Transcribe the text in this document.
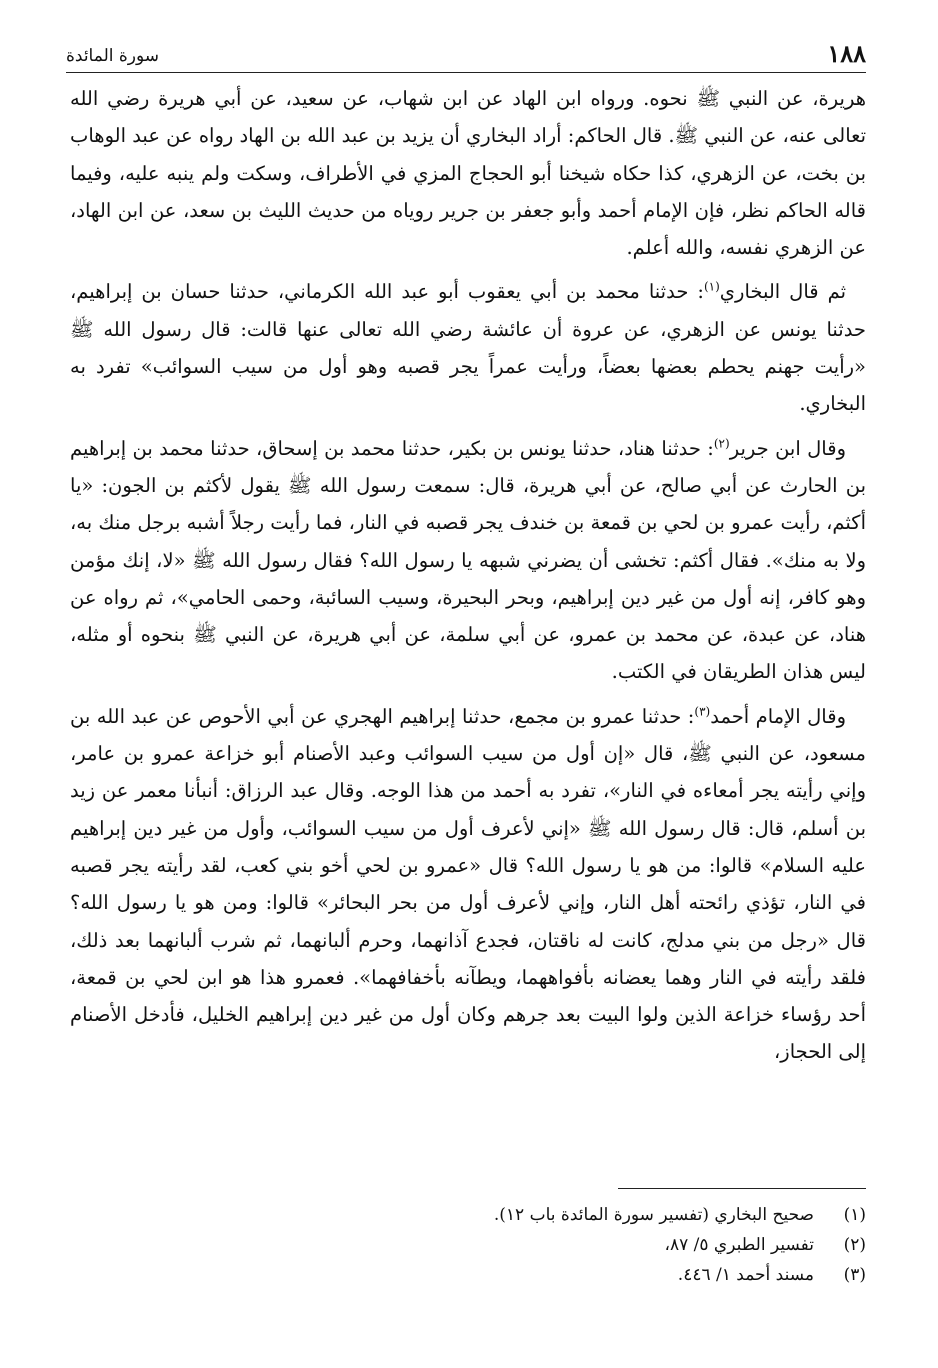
١٨٨
سورة المائدة

هريرة، عن النبي ﷺ نحوه. ورواه ابن الهاد عن ابن شهاب، عن سعيد، عن أبي هريرة رضي الله تعالى عنه، عن النبي ﷺ. قال الحاكم: أراد البخاري أن يزيد بن عبد الله بن الهاد رواه عن عبد الوهاب بن بخت، عن الزهري، كذا حكاه شيخنا أبو الحجاج المزي في الأطراف، وسكت ولم ينبه عليه، وفيما قاله الحاكم نظر، فإن الإمام أحمد وأبو جعفر بن جرير روياه من حديث الليث بن سعد، عن ابن الهاد، عن الزهري نفسه، والله أعلم.

ثم قال البخاري$^{(١)}$: حدثنا محمد بن أبي يعقوب أبو عبد الله الكرماني، حدثنا حسان بن إبراهيم، حدثنا يونس عن الزهري، عن عروة أن عائشة رضي الله تعالى عنها قالت: قال رسول الله ﷺ «رأيت جهنم يحطم بعضها بعضاً، ورأيت عمراً يجر قصبه وهو أول من سيب السوائب» تفرد به البخاري.

وقال ابن جرير$^{(٢)}$: حدثنا هناد، حدثنا يونس بن بكير، حدثنا محمد بن إسحاق، حدثنا محمد بن إبراهيم بن الحارث عن أبي صالح، عن أبي هريرة، قال: سمعت رسول الله ﷺ يقول لأكثم بن الجون: «يا أكثم، رأيت عمرو بن لحي بن قمعة بن خندف يجر قصبه في النار، فما رأيت رجلاً أشبه برجل منك به، ولا به منك». فقال أكثم: تخشى أن يضرني شبهه يا رسول الله؟ فقال رسول الله ﷺ «لا، إنك مؤمن وهو كافر، إنه أول من غير دين إبراهيم، وبحر البحيرة، وسيب السائبة، وحمى الحامي»، ثم رواه عن هناد، عن عبدة، عن محمد بن عمرو، عن أبي سلمة، عن أبي هريرة، عن النبي ﷺ بنحوه أو مثله، ليس هذان الطريقان في الكتب.

وقال الإمام أحمد$^{(٣)}$: حدثنا عمرو بن مجمع، حدثنا إبراهيم الهجري عن أبي الأحوص عن عبد الله بن مسعود، عن النبي ﷺ، قال «إن أول من سيب السوائب وعبد الأصنام أبو خزاعة عمرو بن عامر، وإني رأيته يجر أمعاءه في النار»، تفرد به أحمد من هذا الوجه. وقال عبد الرزاق: أنبأنا معمر عن زيد بن أسلم، قال: قال رسول الله ﷺ «إني لأعرف أول من سيب السوائب، وأول من غير دين إبراهيم عليه السلام» قالوا: من هو يا رسول الله؟ قال «عمرو بن لحي أخو بني كعب، لقد رأيته يجر قصبه في النار، تؤذي رائحته أهل النار، وإني لأعرف أول من بحر البحائر» قالوا: ومن هو يا رسول الله؟ قال «رجل من بني مدلج، كانت له ناقتان، فجدع آذانهما، وحرم ألبانهما، ثم شرب ألبانهما بعد ذلك، فلقد رأيته في النار وهما يعضانه بأفواههما، ويطآنه بأخفافهما». فعمرو هذا هو ابن لحي بن قمعة، أحد رؤساء خزاعة الذين ولوا البيت بعد جرهم وكان أول من غير دين إبراهيم الخليل، فأدخل الأصنام إلى الحجاز،

(١)
صحيح البخاري (تفسير سورة المائدة باب ١٢).
(٢)
تفسير الطبري ٥/ ٨٧،
(٣)
مسند أحمد ١/ ٤٤٦.
